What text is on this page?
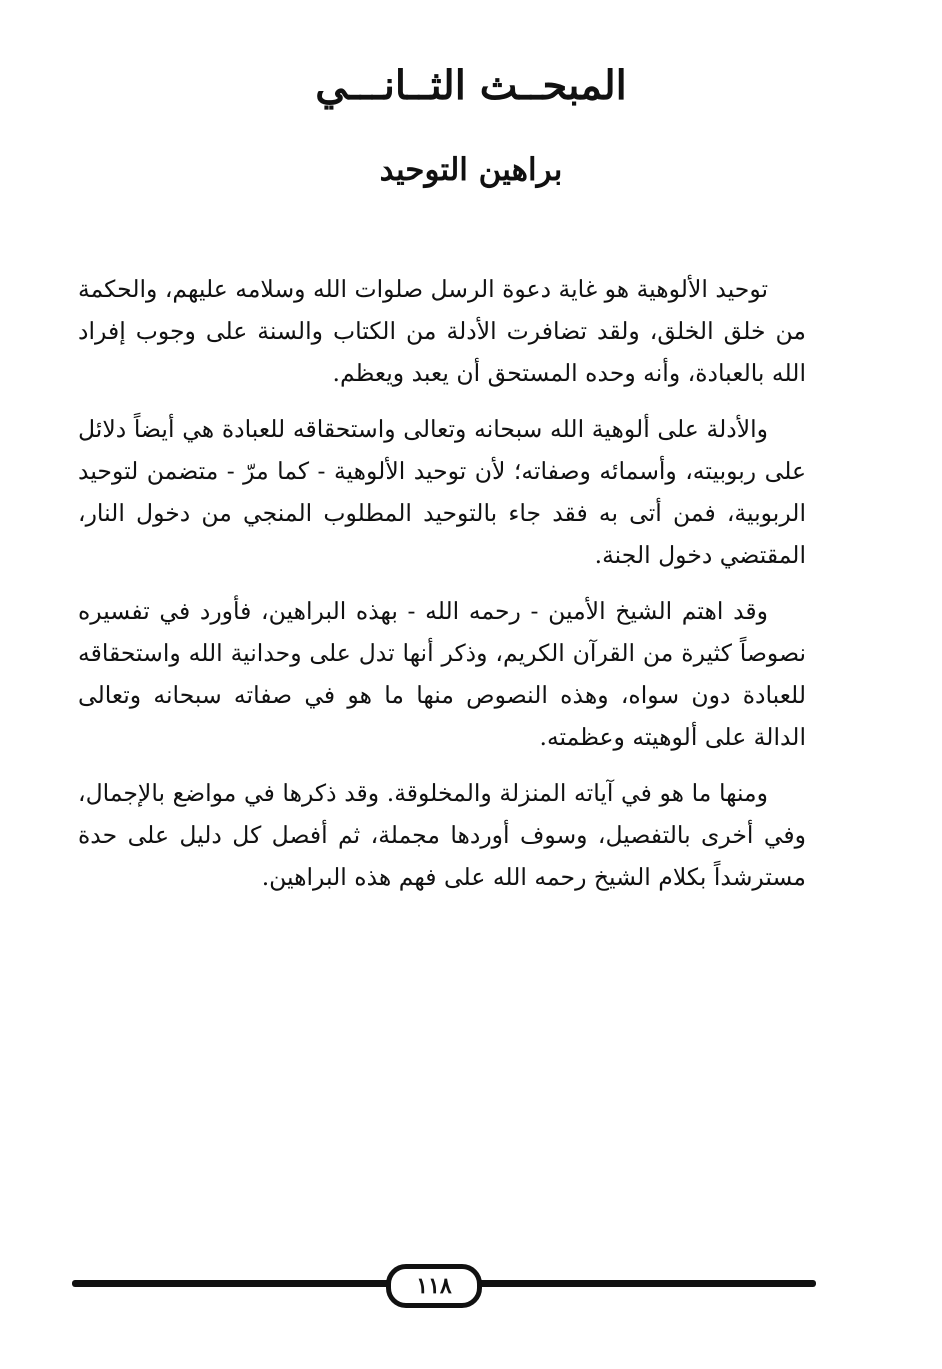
المبحــث الثــانـــي
براهين التوحيد

توحيد الألوهية هو غاية دعوة الرسل صلوات الله وسلامه عليهم، والحكمة من خلق الخلق، ولقد تضافرت الأدلة من الكتاب والسنة على وجوب إفراد الله بالعبادة، وأنه وحده المستحق أن يعبد ويعظم.

والأدلة على ألوهية الله سبحانه وتعالى واستحقاقه للعبادة هي أيضاً دلائل على ربوبيته، وأسمائه وصفاته؛ لأن توحيد الألوهية - كما مرّ - متضمن لتوحيد الربوبية، فمن أتى به فقد جاء بالتوحيد المطلوب المنجي من دخول النار، المقتضي دخول الجنة.

وقد اهتم الشيخ الأمين - رحمه الله - بهذه البراهين، فأورد في تفسيره نصوصاً كثيرة من القرآن الكريم، وذكر أنها تدل على وحدانية الله واستحقاقه للعبادة دون سواه، وهذه النصوص منها ما هو في صفاته سبحانه وتعالى الدالة على ألوهيته وعظمته.

ومنها ما هو في آياته المنزلة والمخلوقة. وقد ذكرها في مواضع بالإجمال، وفي أخرى بالتفصيل، وسوف أوردها مجملة، ثم أفصل كل دليل على حدة مسترشداً بكلام الشيخ رحمه الله على فهم هذه البراهين.

١١٨
